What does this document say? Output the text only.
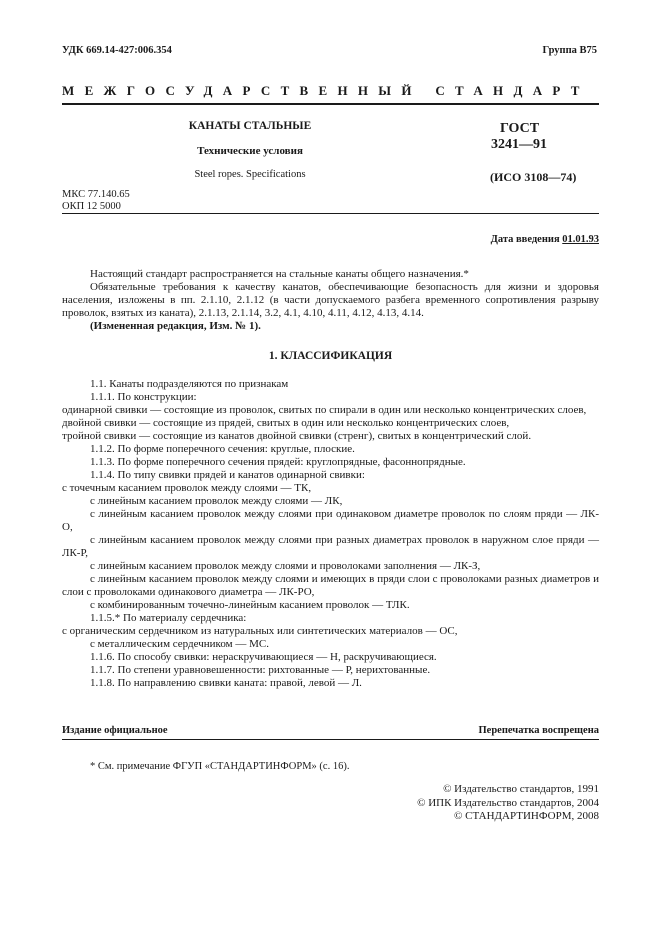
УДК 669.14-427:006.354	Группа В75
МЕЖГОСУДАРСТВЕННЫЙ СТАНДАРТ
КАНАТЫ СТАЛЬНЫЕ
Технические условия
Steel ropes. Specifications
ГОСТ
3241—91
(ИСО 3108—74)
МКС 77.140.65
ОКП 12 5000
Дата введения 01.01.93

Настоящий стандарт распространяется на стальные канаты общего назначения.*

Обязательные требования к качеству канатов, обеспечивающие безопасность для жизни и здоровья населения, изложены в пп. 2.1.10, 2.1.12 (в части допускаемого разбега временного сопротивления разрыву проволок, взятых из каната), 2.1.13, 2.1.14, 3.2, 4.1, 4.10, 4.11, 4.12, 4.13, 4.14.

(Измененная редакция, Изм. № 1).

1. КЛАССИФИКАЦИЯ

1.1. Канаты подразделяются по признакам

1.1.1. По конструкции:

одинарной свивки — состоящие из проволок, свитых по спирали в один или несколько концентрических слоев,

двойной свивки — состоящие из прядей, свитых в один или несколько концентрических слоев,

тройной свивки — состоящие из канатов двойной свивки (стренг), свитых в концентрический слой.

1.1.2. По форме поперечного сечения: круглые, плоские.

1.1.3. По форме поперечного сечения прядей: круглопрядные, фасоннопрядные.

1.1.4. По типу свивки прядей и канатов одинарной свивки:

с точечным касанием проволок между слоями — ТК,

с линейным касанием проволок между слоями — ЛК,

с линейным касанием проволок между слоями при одинаковом диаметре проволок по слоям пряди — ЛК-О,

с линейным касанием проволок между слоями при разных диаметрах проволок в наружном слое пряди — ЛК-Р,

с линейным касанием проволок между слоями и проволоками заполнения — ЛК-З,

с линейным касанием проволок между слоями и имеющих в пряди слои с проволоками разных диаметров и слои с проволоками одинакового диаметра — ЛК-РО,

с комбинированным точечно-линейным касанием проволок — ТЛК.

1.1.5.* По материалу сердечника:

с органическим сердечником из натуральных или синтетических материалов — ОС,

с металлическим сердечником — МС.

1.1.6. По способу свивки: нераскручивающиеся — Н, раскручивающиеся.

1.1.7. По степени уравновешенности: рихтованные — Р, нерихтованные.

1.1.8. По направлению свивки каната: правой, левой — Л.

Издание официальное	Перепечатка воспрещена
* См. примечание ФГУП «СТАНДАРТИНФОРМ» (с. 16).
© Издательство стандартов, 1991
© ИПК Издательство стандартов, 2004
© СТАНДАРТИНФОРМ, 2008
